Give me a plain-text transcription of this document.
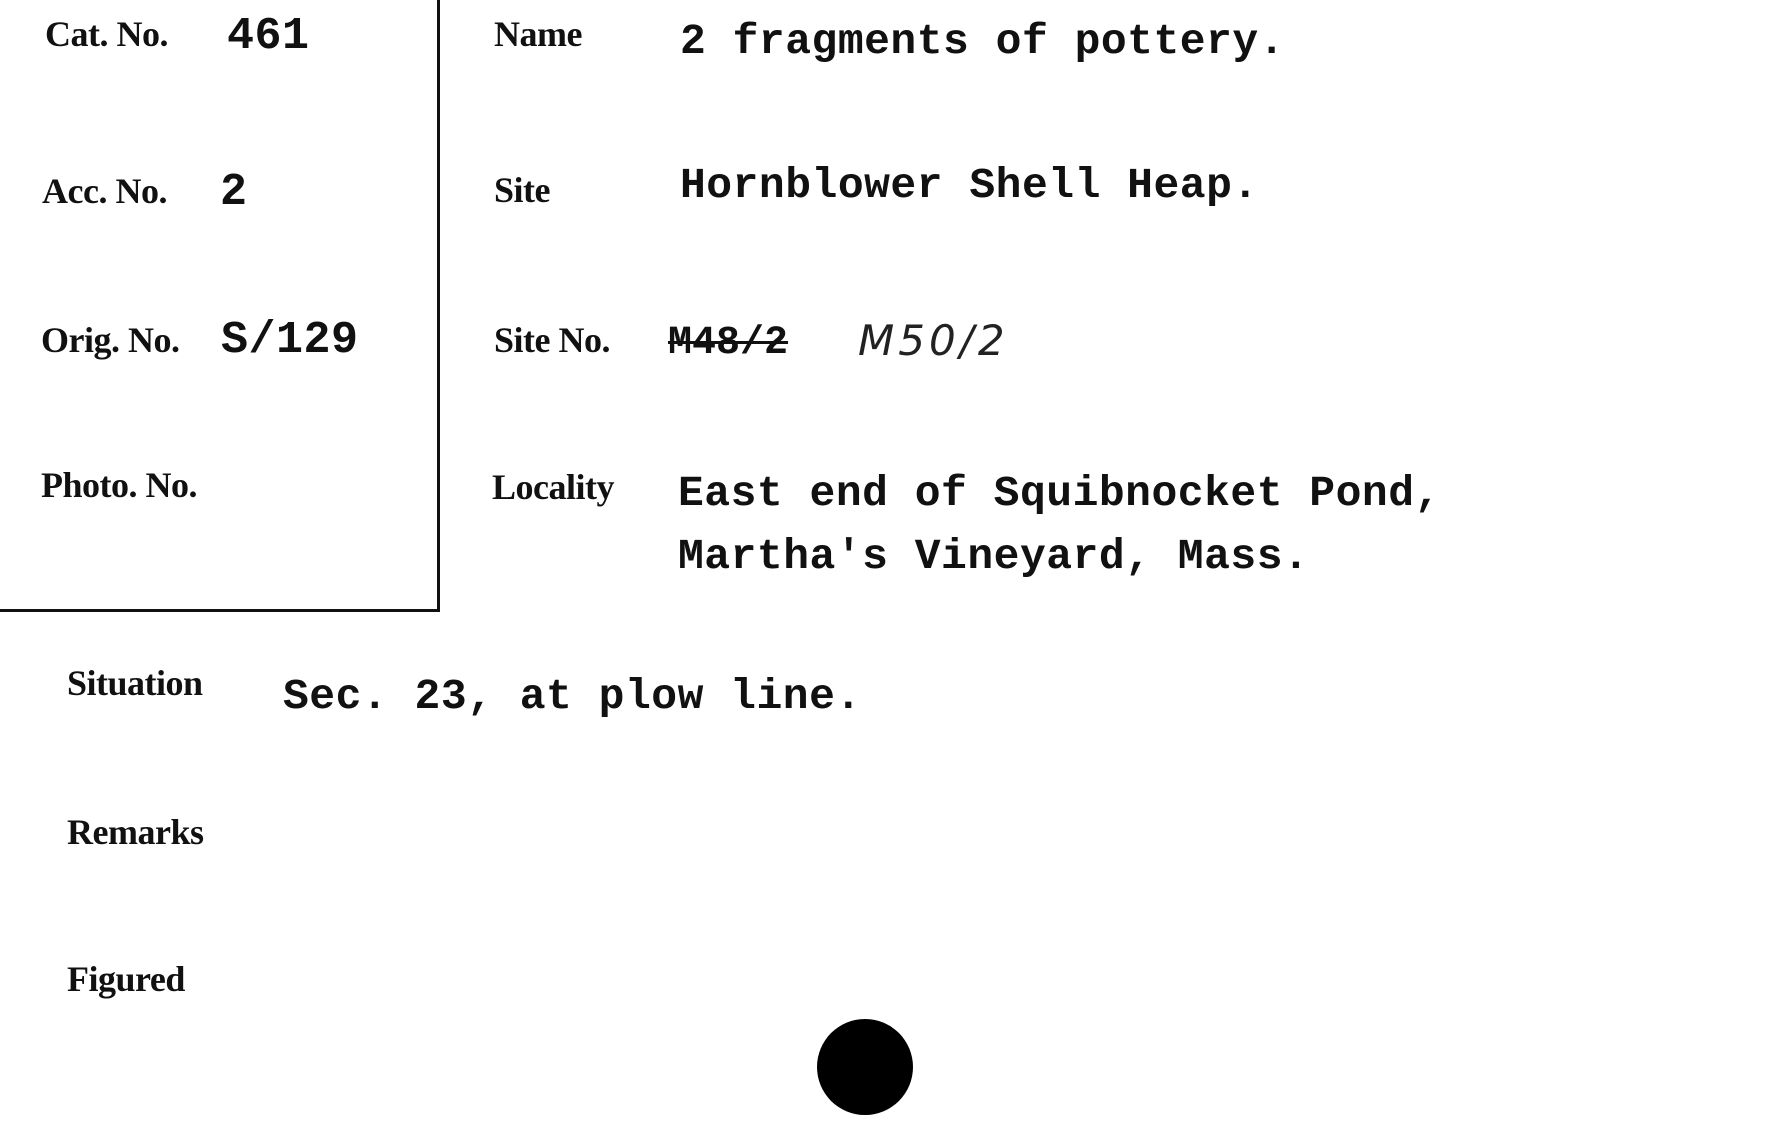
Cat. No. 461
Acc. No. 2
Orig. No. S/129
Photo. No.
Name 2 fragments of pottery.
Site	Hornblower Shell Heap.
Site No. M48/2 M50/2
Locality East end of Squibnocket Pond,
Martha's Vineyard, Mass.
Situation Sec. 23, at plow line.
Remarks
Figured
